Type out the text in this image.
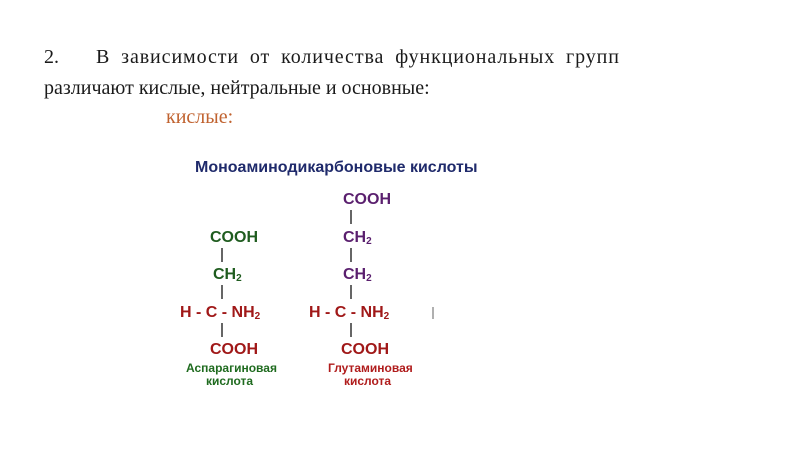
2. В зависимости от количества функциональных групп
различают кислые, нейтральные и основные:
кислые:
Моноаминодикарбоновые кислоты
COOH
$CH_2$
H - C - $NH_2$
COOH
Аспарагиновая
кислота
COOH
$CH_2$
$CH_2$
H - C - $NH_2$
COOH
Глутаминовая
кислота
